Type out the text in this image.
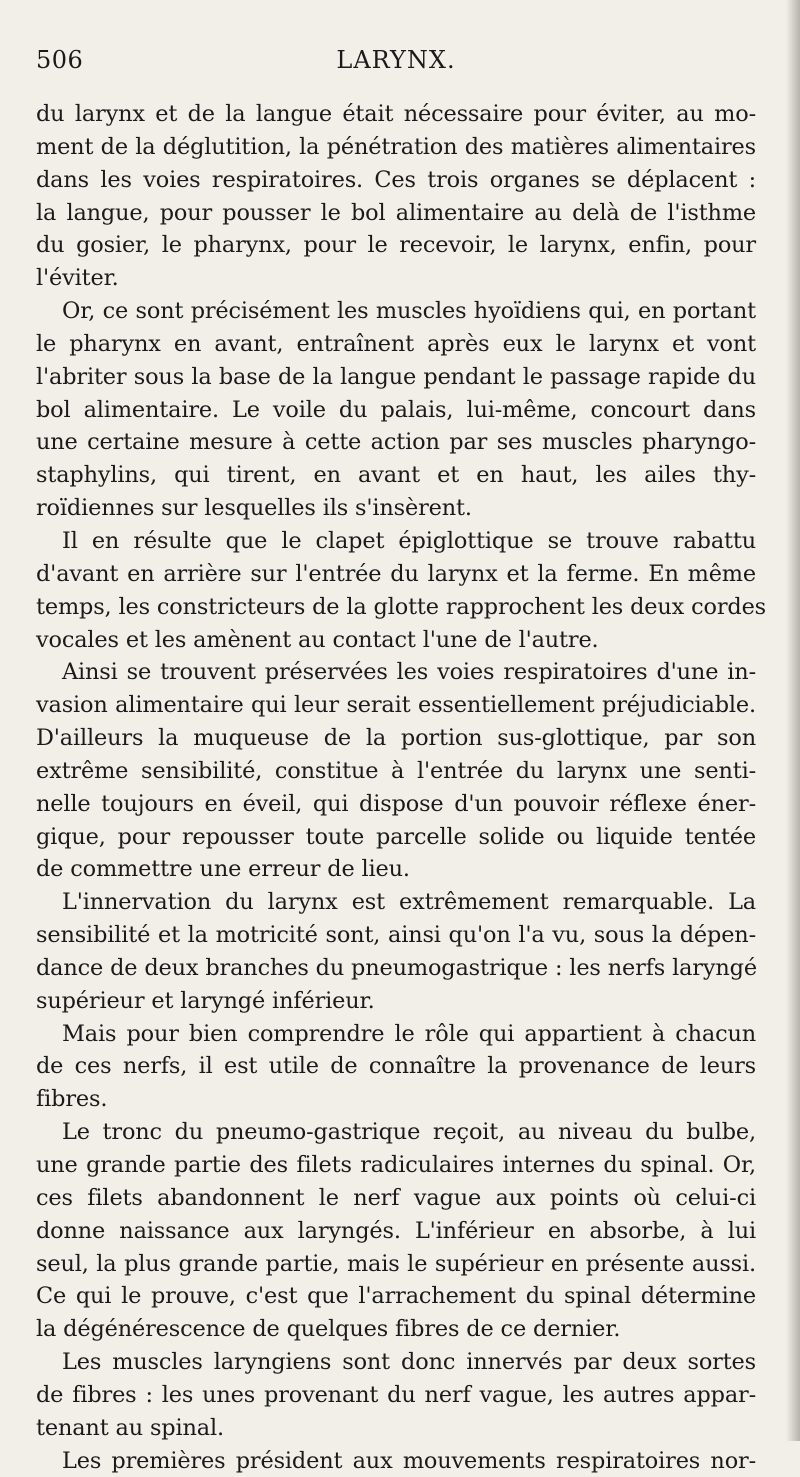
506	LARYNX.
du larynx et de la langue était nécessaire pour éviter, au mo-
ment de la déglutition, la pénétration des matières alimentaires
dans les voies respiratoires. Ces trois organes se déplacent :
la langue, pour pousser le bol alimentaire au delà de l'isthme
du gosier, le pharynx, pour le recevoir, le larynx, enfin, pour
l'éviter.
Or, ce sont précisément les muscles hyoïdiens qui, en portant
le pharynx en avant, entraînent après eux le larynx et vont
l'abriter sous la base de la langue pendant le passage rapide du
bol alimentaire. Le voile du palais, lui-même, concourt dans
une certaine mesure à cette action par ses muscles pharyngo-
staphylins, qui tirent, en avant et en haut, les ailes thy-
roïdiennes sur lesquelles ils s'insèrent.
Il en résulte que le clapet épiglottique se trouve rabattu
d'avant en arrière sur l'entrée du larynx et la ferme. En même
temps, les constricteurs de la glotte rapprochent les deux cordes
vocales et les amènent au contact l'une de l'autre.
Ainsi se trouvent préservées les voies respiratoires d'une in-
vasion alimentaire qui leur serait essentiellement préjudiciable.
D'ailleurs la muqueuse de la portion sus-glottique, par son
extrême sensibilité, constitue à l'entrée du larynx une senti-
nelle toujours en éveil, qui dispose d'un pouvoir réflexe éner-
gique, pour repousser toute parcelle solide ou liquide tentée
de commettre une erreur de lieu.
L'innervation du larynx est extrêmement remarquable. La
sensibilité et la motricité sont, ainsi qu'on l'a vu, sous la dépen-
dance de deux branches du pneumogastrique : les nerfs laryngé
supérieur et laryngé inférieur.
Mais pour bien comprendre le rôle qui appartient à chacun
de ces nerfs, il est utile de connaître la provenance de leurs
fibres.
Le tronc du pneumo-gastrique reçoit, au niveau du bulbe,
une grande partie des filets radiculaires internes du spinal. Or,
ces filets abandonnent le nerf vague aux points où celui-ci
donne naissance aux laryngés. L'inférieur en absorbe, à lui
seul, la plus grande partie, mais le supérieur en présente aussi.
Ce qui le prouve, c'est que l'arrachement du spinal détermine
la dégénérescence de quelques fibres de ce dernier.
Les muscles laryngiens sont donc innervés par deux sortes
de fibres : les unes provenant du nerf vague, les autres appar-
tenant au spinal.
Les premières président aux mouvements respiratoires nor-
